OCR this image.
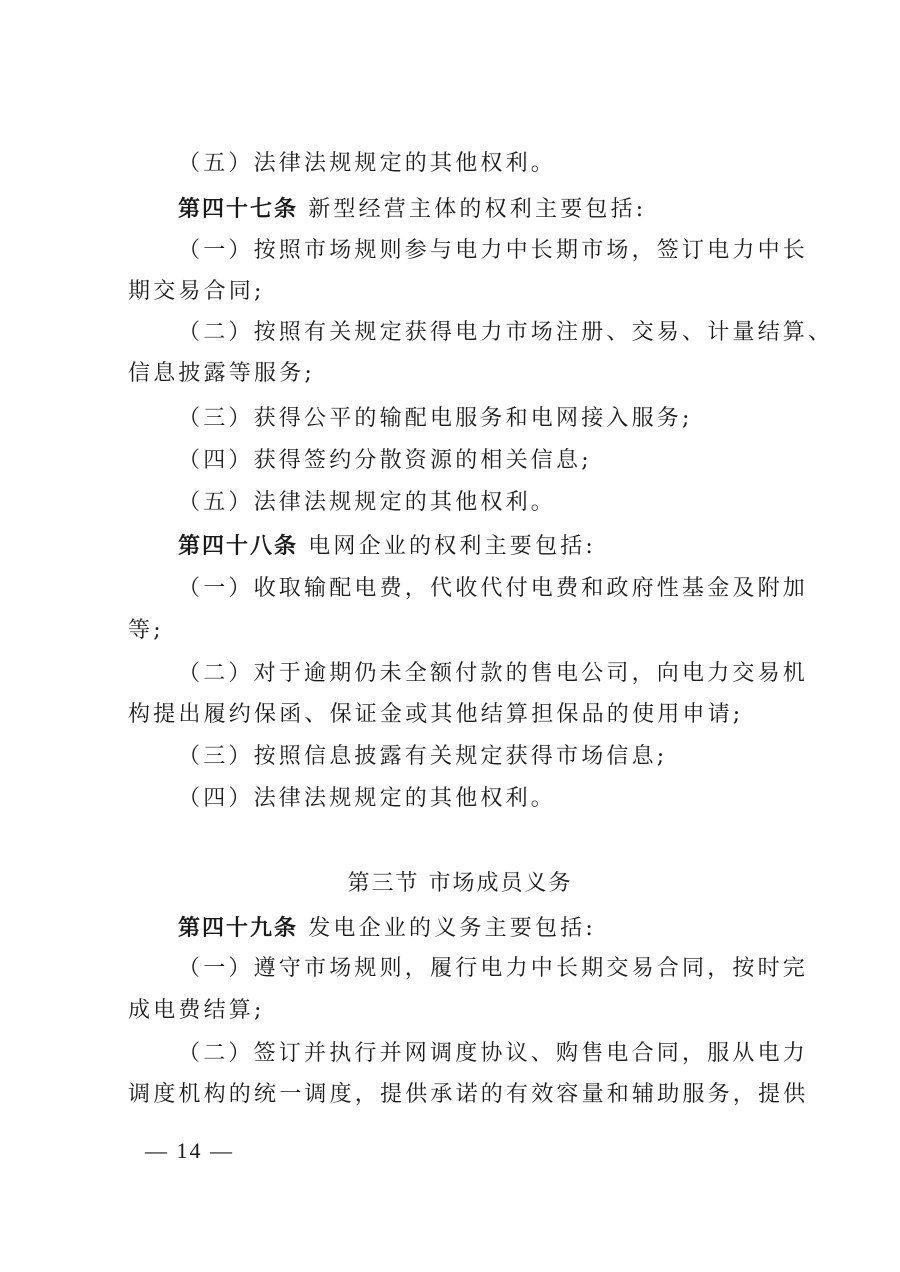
（五）法律法规规定的其他权利。
第四十七条 新型经营主体的权利主要包括:
（一）按照市场规则参与电力中长期市场，签订电力中长
期交易合同;
（二）按照有关规定获得电力市场注册、交易、计量结算、
信息披露等服务;
（三）获得公平的输配电服务和电网接入服务;
（四）获得签约分散资源的相关信息;
（五）法律法规规定的其他权利。
第四十八条 电网企业的权利主要包括:
（一）收取输配电费，代收代付电费和政府性基金及附加
等;
（二）对于逾期仍未全额付款的售电公司，向电力交易机
构提出履约保函、保证金或其他结算担保品的使用申请;
（三）按照信息披露有关规定获得市场信息;
（四）法律法规规定的其他权利。
第三节 市场成员义务
第四十九条 发电企业的义务主要包括:
（一）遵守市场规则，履行电力中长期交易合同，按时完
成电费结算;
（二）签订并执行并网调度协议、购售电合同，服从电力
调度机构的统一调度，提供承诺的有效容量和辅助服务，提供
— 14 —
